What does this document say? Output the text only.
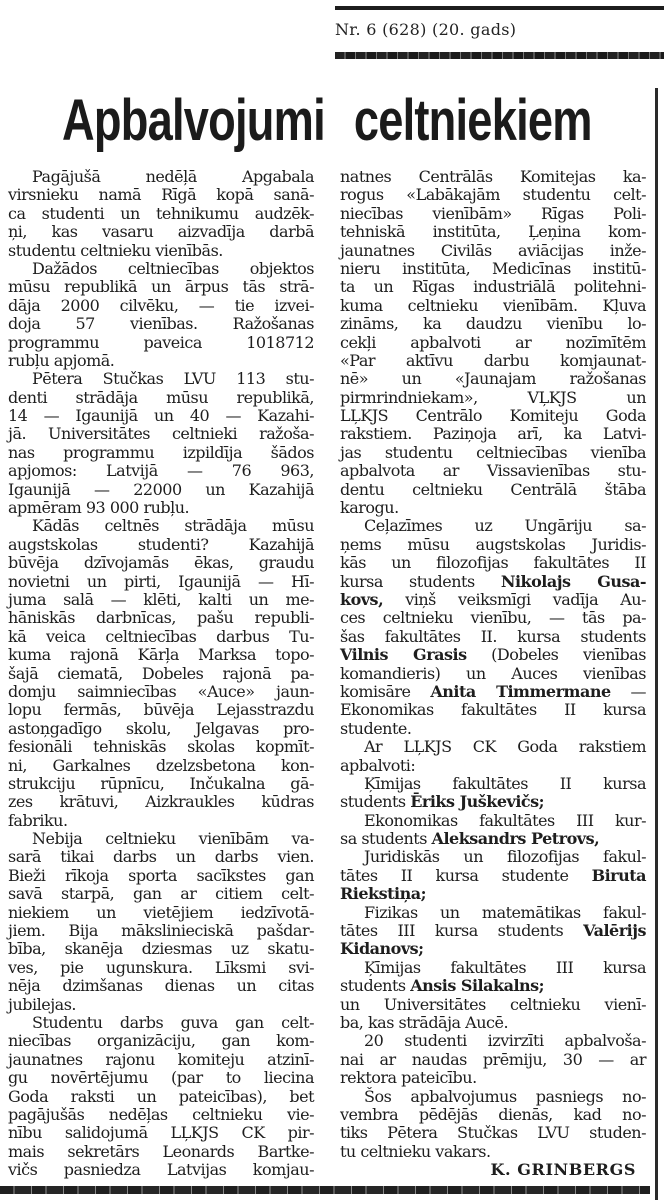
Nr. 6 (628) (20. gads)
Apbalvojumi celtniekiem
Pagājušā nedēļā Apgabala
virsnieku namā Rīgā kopā sanā-
ca studenti un tehnikumu audzēk-
ņi, kas vasaru aizvadīja darbā
studentu celtnieku vienībās.
Dažādos celtniecības objektos
mūsu republikā un ārpus tās strā-
dāja 2000 cilvēku, — tie izvei-
doja 57 vienības. Ražošanas
programmu paveica 1018712
rubļu apjomā.
Pētera Stučkas LVU 113 stu-
denti strādāja mūsu republikā,
14 — Igaunijā un 40 — Kazahi-
jā. Universitātes celtnieki ražoša-
nas programmu izpildīja šādos
apjomos: Latvijā — 76 963,
Igaunijā — 22000 un Kazahijā
apmēram 93 000 rubļu.
Kādās celtnēs strādāja mūsu
augstskolas studenti? Kazahijā
būvēja dzīvojamās ēkas, graudu
novietni un pirti, Igaunijā — Hī-
juma salā — klēti, kalti un me-
hāniskās darbnīcas, pašu republi-
kā veica celtniecības darbus Tu-
kuma rajonā Kārļa Marksa topo-
šajā ciematā, Dobeles rajonā pa-
domju saimniecības «Auce» jaun-
lopu fermās, būvēja Lejasstrazdu
astoņgadīgo skolu, Jelgavas pro-
fesionāli tehniskās skolas kopmīt-
ni, Garkalnes dzelzsbetona kon-
strukciju rūpnīcu, Inčukalna gā-
zes krātuvi, Aizkraukles kūdras
fabriku.
Nebija celtnieku vienībām va-
sarā tikai darbs un darbs vien.
Bieži rīkoja sporta sacīkstes gan
savā starpā, gan ar citiem celt-
niekiem un vietējiem iedzīvotā-
jiem. Bija mākslinieciskā pašdar-
bība, skanēja dziesmas uz skatu-
ves, pie ugunskura. Līksmi svi-
nēja dzimšanas dienas un citas
jubilejas.
Studentu darbs guva gan celt-
niecības organizāciju, gan kom-
jaunatnes rajonu komiteju atzinī-
gu novērtējumu (par to liecina
Goda raksti un pateicības), bet
pagājušās nedēļas celtnieku vie-
nību salidojumā LĻKJS CK pir-
mais sekretārs Leonards Bartke-
vičs pasniedza Latvijas komjau-
natnes Centrālās Komitejas ka-
rogus «Labākajām studentu celt-
niecības vienībām» Rīgas Poli-
tehniskā institūta, Ļeņina kom-
jaunatnes Civilās aviācijas inže-
nieru institūta, Medicīnas institū-
ta un Rīgas industriālā politehni-
kuma celtnieku vienībām. Kļuva
zināms, ka daudzu vienību lo-
cekļi apbalvoti ar nozīmītēm
«Par aktīvu darbu komjaunat-
nē» un «Jaunajam ražošanas
pirmrindniekam», VĻKJS un
LĻKJS Centrālo Komiteju Goda
rakstiem. Paziņoja arī, ka Latvi-
jas studentu celtniecības vienība
apbalvota ar Vissavienības stu-
dentu celtnieku Centrālā štāba
karogu.
Ceļazīmes uz Ungāriju sa-
ņems mūsu augstskolas Juridis-
kās un filozofijas fakultātes II
kursa students Nikolajs Gusa-
kovs, viņš veiksmīgi vadīja Au-
ces celtnieku vienību, — tās pa-
šas fakultātes II. kursa students
Vilnis Grasis (Dobeles vienības
komandieris) un Auces vienības
komisāre Anita Timmermane —
Ekonomikas fakultātes II kursa
studente.
Ar LĻKJS CK Goda rakstiem
apbalvoti:
Ķīmijas fakultātes II kursa
students Ēriks Juškevičs;
Ekonomikas fakultātes III kur-
sa students Aleksandrs Petrovs,
Juridiskās un filozofijas fakul-
tātes II kursa studente Biruta
Riekstiņa;
Fizikas un matemātikas fakul-
tātes III kursa students Valērijs
Kidanovs;
Ķīmijas fakultātes III kursa
students Ansis Silakalns;
un Universitātes celtnieku vienī-
ba, kas strādāja Aucē.
20 studenti izvirzīti apbalvoša-
nai ar naudas prēmiju, 30 — ar
rektora pateicību.
Šos apbalvojumus pasniegs no-
vembra pēdējās dienās, kad no-
tiks Pētera Stučkas LVU studen-
tu celtnieku vakars.
K. GRINBERGS
